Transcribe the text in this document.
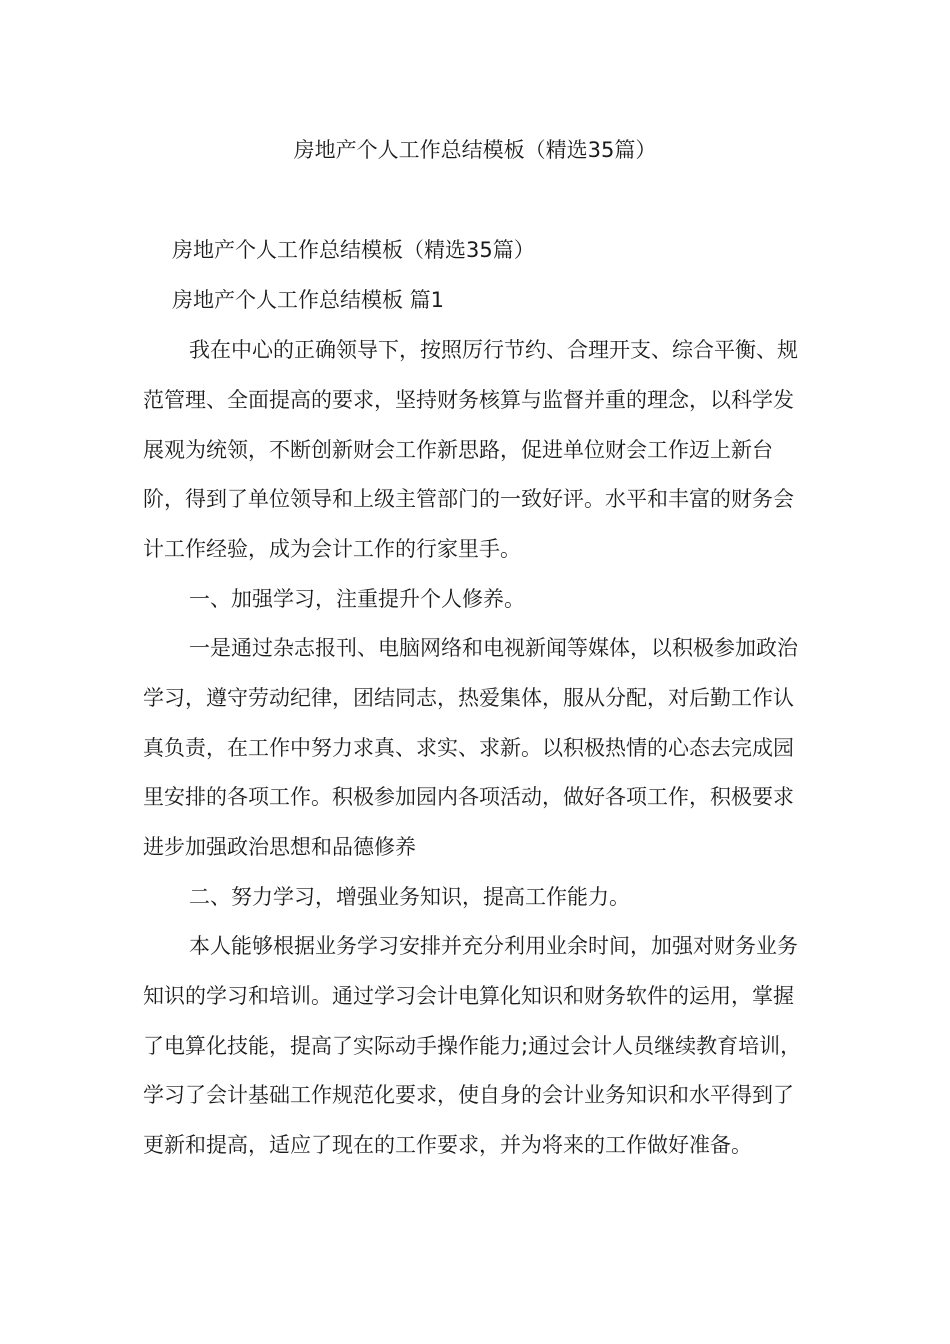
房地产个人工作总结模板（精选35篇）

房地产个人工作总结模板（精选35篇）

房地产个人工作总结模板 篇1

我在中心的正确领导下，按照厉行节约、合理开支、综合平衡、规范管理、全面提高的要求，坚持财务核算与监督并重的理念，以科学发展观为统领，不断创新财会工作新思路，促进单位财会工作迈上新台阶，得到了单位领导和上级主管部门的一致好评。水平和丰富的财务会计工作经验，成为会计工作的行家里手。

一、加强学习，注重提升个人修养。

一是通过杂志报刊、电脑网络和电视新闻等媒体，以积极参加政治学习，遵守劳动纪律，团结同志，热爱集体，服从分配，对后勤工作认真负责，在工作中努力求真、求实、求新。以积极热情的心态去完成园里安排的各项工作。积极参加园内各项活动，做好各项工作，积极要求进步加强政治思想和品德修养

二、努力学习，增强业务知识，提高工作能力。

本人能够根据业务学习安排并充分利用业余时间，加强对财务业务知识的学习和培训。通过学习会计电算化知识和财务软件的运用，掌握了电算化技能，提高了实际动手操作能力;通过会计人员继续教育培训，学习了会计基础工作规范化要求，使自身的会计业务知识和水平得到了更新和提高，适应了现在的工作要求，并为将来的工作做好准备。
